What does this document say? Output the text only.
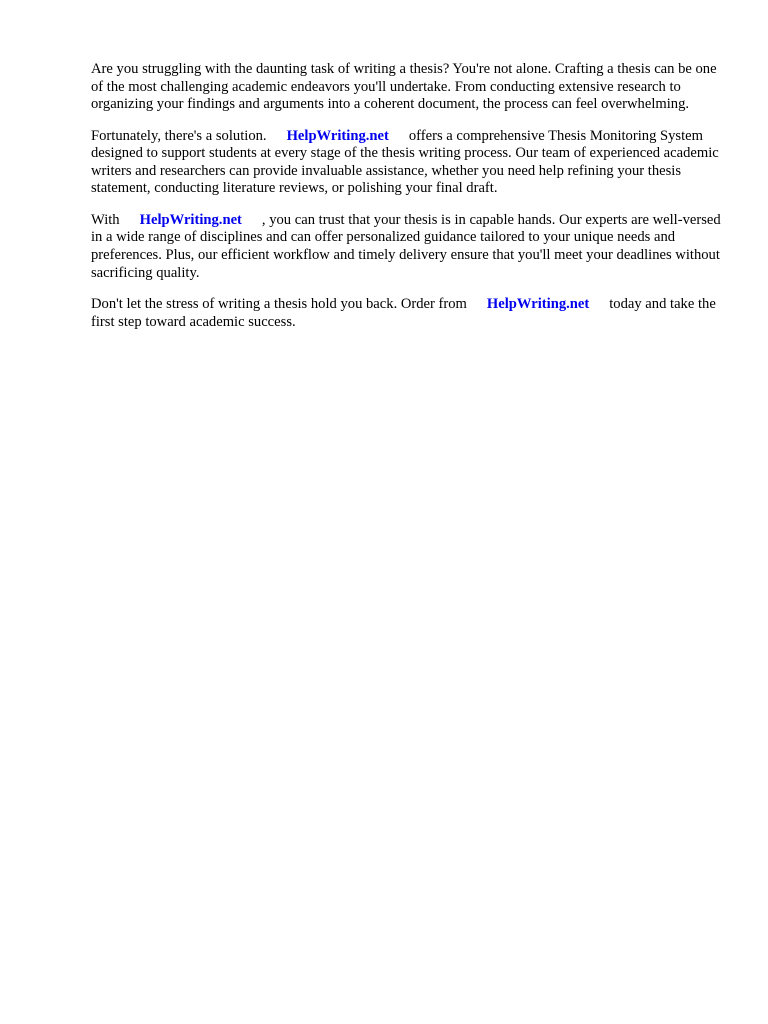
Are you struggling with the daunting task of writing a thesis? You're not alone. Crafting a thesis can be one of the most challenging academic endeavors you'll undertake. From conducting extensive research to organizing your findings and arguments into a coherent document, the process can feel overwhelming.

Fortunately, there's a solution. HelpWriting.net offers a comprehensive Thesis Monitoring System designed to support students at every stage of the thesis writing process. Our team of experienced academic writers and researchers can provide invaluable assistance, whether you need help refining your thesis statement, conducting literature reviews, or polishing your final draft.

With HelpWriting.net , you can trust that your thesis is in capable hands. Our experts are well-versed in a wide range of disciplines and can offer personalized guidance tailored to your unique needs and preferences. Plus, our efficient workflow and timely delivery ensure that you'll meet your deadlines without sacrificing quality.

Don't let the stress of writing a thesis hold you back. Order from HelpWriting.net today and take the first step toward academic success.
